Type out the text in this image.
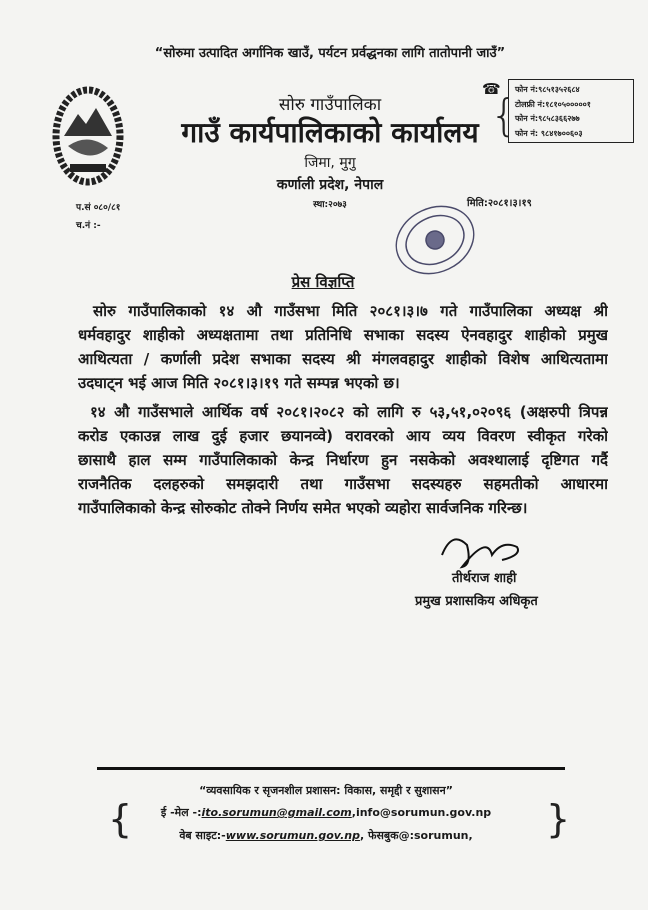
“सोरुमा उत्पादित अर्गानिक खाउँ, पर्यटन प्रर्वद्धनका लागि तातोपानी जाउँ”
☎
{
फोन नं:९८५१३५२६८४
टोलफ्री नं:१८१०५०००००१
फोन नं:९८५८३६६२७७
फोन नं: ९८४१७००६०३
सोरु गाउँपालिका
गाउँ कार्यपालिकाको कार्यालय
जिमा, मुगु
कर्णाली प्रदेश, नेपाल
स्था:२०७३	मिति:२०८१।३।१९
प.सं ०८०/८१
च.नं :-
प्रेस विज्ञप्ति
सोरु गाउँपालिकाको १४ औ गाउँसभा मिति २०८१।३।७ गते गाउँपालिका अध्यक्ष श्री
धर्मवहादुर शाहीको अध्यक्षतामा तथा प्रतिनिधि सभाका सदस्य ऐनवहादुर शाहीको प्रमुख
आथित्यता / कर्णाली प्रदेश सभाका सदस्य श्री मंगलवहादुर शाहीको विशेष आथित्यतामा
उदघाट्न भई आज मिति २०८१।३।१९ गते सम्पन्न भएको छ।
१४ औ गाउँसभाले आर्थिक वर्ष २०८१।२०८२ को लागि रु ५३,५१,०२०९६ (अक्षरुपी त्रिपन्न
करोड एकाउन्न लाख दुई हजार छयानव्वे) वरावरको आय व्यय विवरण स्वीकृत गरेको
छासाथै हाल सम्म गाउँपालिकाको केन्द्र निर्धारण हुन नसकेको अवश्थालाई दृष्टिगत गर्दै
राजनैतिक दलहरुको समझदारी तथा गाउँसभा सदस्यहरु सहमतीको आधारमा
गाउँपालिकाको केन्द्र सोरुकोट तोक्ने निर्णय समेत भएको व्यहोरा सार्वजनिक गरिन्छ।
तीर्थराज शाही
प्रमुख प्रशासकिय अधिकृत
{	}
“व्यवसायिक र सृजनशील प्रशासन: विकास, समृद्दी र सुशासन”
ई -मेल -:ito.sorumun@gmail.com,info@sorumun.gov.np
वेब साइट:-www.sorumun.gov.np, फेसबुक@:sorumun,
